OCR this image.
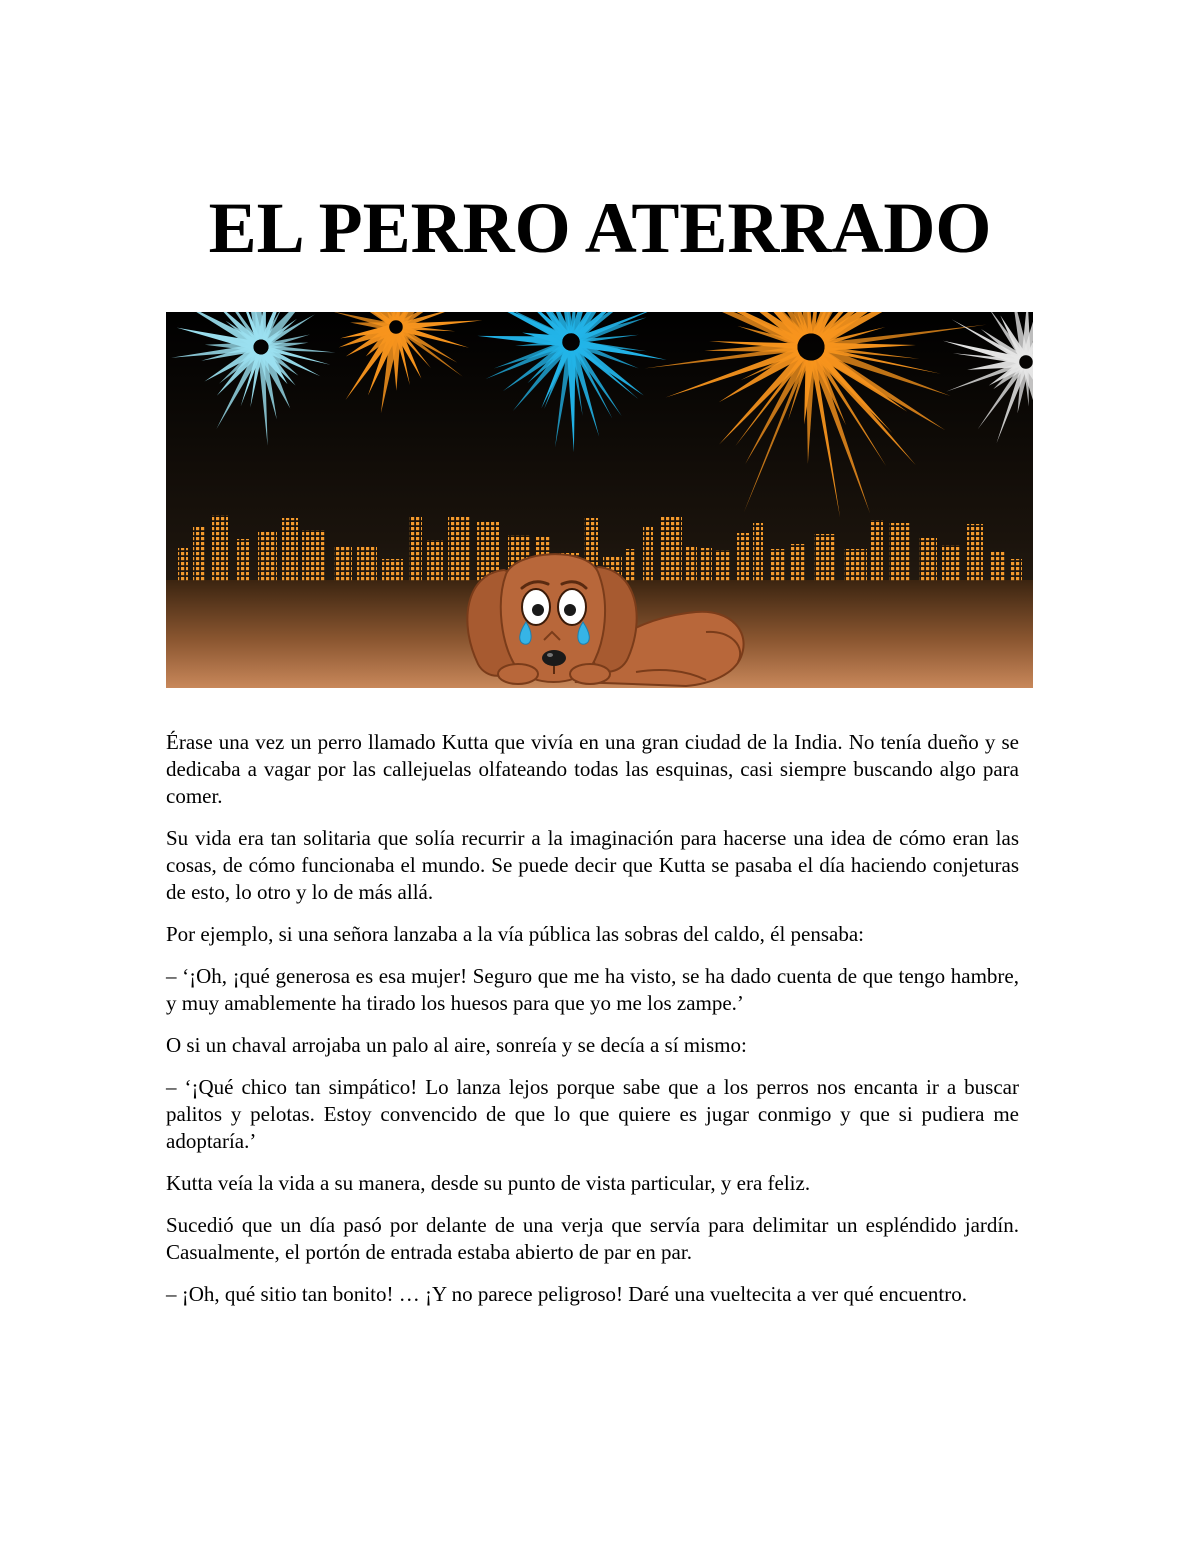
EL PERRO ATERRADO

Érase una vez un perro llamado Kutta que vivía en una gran ciudad de la India. No tenía dueño y se dedicaba a vagar por las callejuelas olfateando todas las esquinas, casi siempre buscando algo para comer.

Su vida era tan solitaria que solía recurrir a la imaginación para hacerse una idea de cómo eran las cosas, de cómo funcionaba el mundo. Se puede decir que Kutta se pasaba el día haciendo conjeturas de esto, lo otro y lo de más allá.

Por ejemplo, si una señora lanzaba a la vía pública las sobras del caldo, él pensaba:

– ‘¡Oh, ¡qué generosa es esa mujer! Seguro que me ha visto, se ha dado cuenta de que tengo hambre, y muy amablemente ha tirado los huesos para que yo me los zampe.’

O si un chaval arrojaba un palo al aire, sonreía y se decía a sí mismo:

– ‘¡Qué chico tan simpático! Lo lanza lejos porque sabe que a los perros nos encanta ir a buscar palitos y pelotas. Estoy convencido de que lo que quiere es jugar conmigo y que si pudiera me adoptaría.’

Kutta veía la vida a su manera, desde su punto de vista particular, y era feliz.

Sucedió que un día pasó por delante de una verja que servía para delimitar un espléndido jardín. Casualmente, el portón de entrada estaba abierto de par en par.

– ¡Oh, qué sitio tan bonito! … ¡Y no parece peligroso! Daré una vueltecita a ver qué encuentro.
